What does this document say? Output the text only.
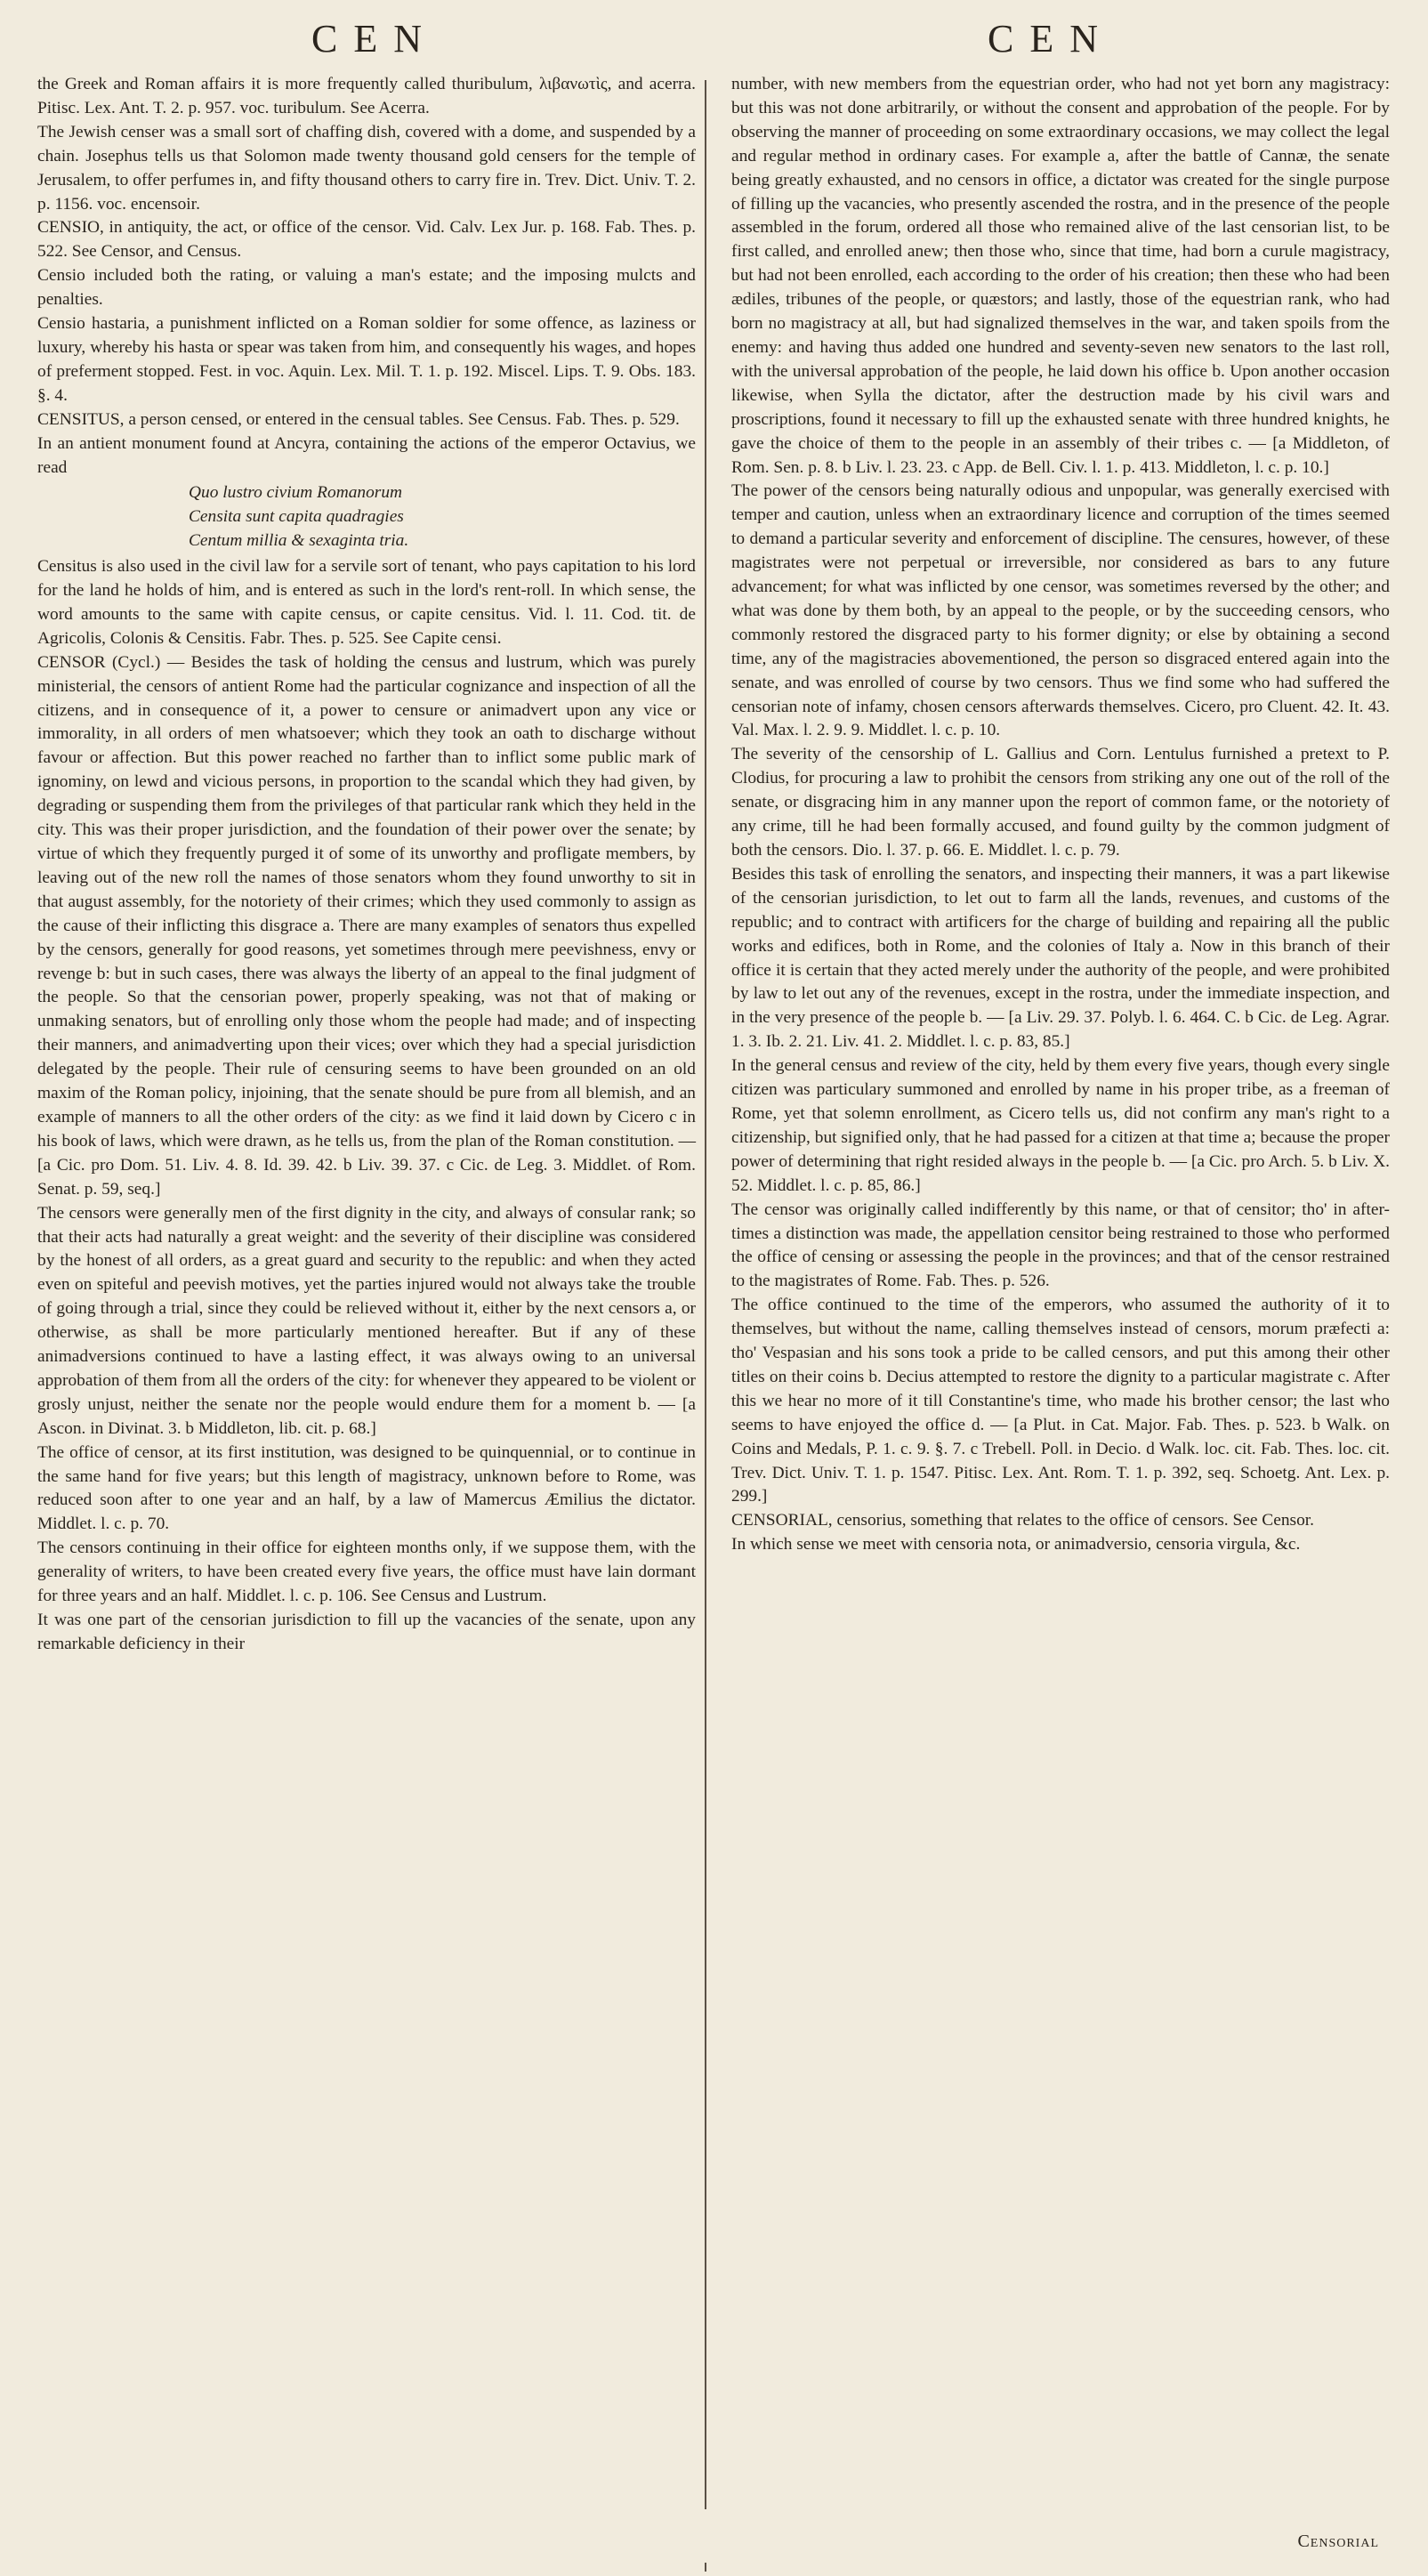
CEN	CEN

the Greek and Roman affairs it is more frequently called thuribulum, λιβανωτὶς, and acerra. Pitisc. Lex. Ant. T. 2. p. 957. voc. turibulum. See Acerra.

The Jewish censer was a small sort of chaffing dish, covered with a dome, and suspended by a chain. Josephus tells us that Solomon made twenty thousand gold censers for the temple of Jerusalem, to offer perfumes in, and fifty thousand others to carry fire in. Trev. Dict. Univ. T. 2. p. 1156. voc. encensoir.

CENSIO, in antiquity, the act, or office of the censor. Vid. Calv. Lex Jur. p. 168. Fab. Thes. p. 522. See Censor, and Census.

Censio included both the rating, or valuing a man's estate; and the imposing mulcts and penalties.

Censio hastaria, a punishment inflicted on a Roman soldier for some offence, as laziness or luxury, whereby his hasta or spear was taken from him, and consequently his wages, and hopes of preferment stopped. Fest. in voc. Aquin. Lex. Mil. T. 1. p. 192. Miscel. Lips. T. 9. Obs. 183. §. 4.

CENSITUS, a person censed, or entered in the censual tables. See Census. Fab. Thes. p. 529.

In an antient monument found at Ancyra, containing the actions of the emperor Octavius, we read

Quo lustro civium Romanorum
Censita sunt capita quadragies
Centum millia & sexaginta tria.

Censitus is also used in the civil law for a servile sort of tenant, who pays capitation to his lord for the land he holds of him, and is entered as such in the lord's rent-roll. In which sense, the word amounts to the same with capite census, or capite censitus. Vid. l. 11. Cod. tit. de Agricolis, Colonis & Censitis. Fabr. Thes. p. 525. See Capite censi.

CENSOR (Cycl.) — Besides the task of holding the census and lustrum, which was purely ministerial, the censors of antient Rome had the particular cognizance and inspection of all the citizens, and in consequence of it, a power to censure or animadvert upon any vice or immorality, in all orders of men whatsoever; which they took an oath to discharge without favour or affection. But this power reached no farther than to inflict some public mark of ignominy, on lewd and vicious persons, in proportion to the scandal which they had given, by degrading or suspending them from the privileges of that particular rank which they held in the city. This was their proper jurisdiction, and the foundation of their power over the senate; by virtue of which they frequently purged it of some of its unworthy and profligate members, by leaving out of the new roll the names of those senators whom they found unworthy to sit in that august assembly, for the notoriety of their crimes; which they used commonly to assign as the cause of their inflicting this disgrace a. There are many examples of senators thus expelled by the censors, generally for good reasons, yet sometimes through mere peevishness, envy or revenge b: but in such cases, there was always the liberty of an appeal to the final judgment of the people. So that the censorian power, properly speaking, was not that of making or unmaking senators, but of enrolling only those whom the people had made; and of inspecting their manners, and animadverting upon their vices; over which they had a special jurisdiction delegated by the people. Their rule of censuring seems to have been grounded on an old maxim of the Roman policy, injoining, that the senate should be pure from all blemish, and an example of manners to all the other orders of the city: as we find it laid down by Cicero c in his book of laws, which were drawn, as he tells us, from the plan of the Roman constitution. — [a Cic. pro Dom. 51. Liv. 4. 8. Id. 39. 42. b Liv. 39. 37. c Cic. de Leg. 3. Middlet. of Rom. Senat. p. 59, seq.]

The censors were generally men of the first dignity in the city, and always of consular rank; so that their acts had naturally a great weight: and the severity of their discipline was considered by the honest of all orders, as a great guard and security to the republic: and when they acted even on spiteful and peevish motives, yet the parties injured would not always take the trouble of going through a trial, since they could be relieved without it, either by the next censors a, or otherwise, as shall be more particularly mentioned hereafter. But if any of these animadversions continued to have a lasting effect, it was always owing to an universal approbation of them from all the orders of the city: for whenever they appeared to be violent or grosly unjust, neither the senate nor the people would endure them for a moment b. — [a Ascon. in Divinat. 3. b Middleton, lib. cit. p. 68.]

The office of censor, at its first institution, was designed to be quinquennial, or to continue in the same hand for five years; but this length of magistracy, unknown before to Rome, was reduced soon after to one year and an half, by a law of Mamercus Æmilius the dictator. Middlet. l. c. p. 70.

The censors continuing in their office for eighteen months only, if we suppose them, with the generality of writers, to have been created every five years, the office must have lain dormant for three years and an half. Middlet. l. c. p. 106. See Census and Lustrum.

It was one part of the censorian jurisdiction to fill up the vacancies of the senate, upon any remarkable deficiency in their

number, with new members from the equestrian order, who had not yet born any magistracy: but this was not done arbitrarily, or without the consent and approbation of the people. For by observing the manner of proceeding on some extraordinary occasions, we may collect the legal and regular method in ordinary cases. For example a, after the battle of Cannæ, the senate being greatly exhausted, and no censors in office, a dictator was created for the single purpose of filling up the vacancies, who presently ascended the rostra, and in the presence of the people assembled in the forum, ordered all those who remained alive of the last censorian list, to be first called, and enrolled anew; then those who, since that time, had born a curule magistracy, but had not been enrolled, each according to the order of his creation; then these who had been ædiles, tribunes of the people, or quæstors; and lastly, those of the equestrian rank, who had born no magistracy at all, but had signalized themselves in the war, and taken spoils from the enemy: and having thus added one hundred and seventy-seven new senators to the last roll, with the universal approbation of the people, he laid down his office b. Upon another occasion likewise, when Sylla the dictator, after the destruction made by his civil wars and proscriptions, found it necessary to fill up the exhausted senate with three hundred knights, he gave the choice of them to the people in an assembly of their tribes c. — [a Middleton, of Rom. Sen. p. 8. b Liv. l. 23. 23. c App. de Bell. Civ. l. 1. p. 413. Middleton, l. c. p. 10.]

The power of the censors being naturally odious and unpopular, was generally exercised with temper and caution, unless when an extraordinary licence and corruption of the times seemed to demand a particular severity and enforcement of discipline. The censures, however, of these magistrates were not perpetual or irreversible, nor considered as bars to any future advancement; for what was inflicted by one censor, was sometimes reversed by the other; and what was done by them both, by an appeal to the people, or by the succeeding censors, who commonly restored the disgraced party to his former dignity; or else by obtaining a second time, any of the magistracies abovementioned, the person so disgraced entered again into the senate, and was enrolled of course by two censors. Thus we find some who had suffered the censorian note of infamy, chosen censors afterwards themselves. Cicero, pro Cluent. 42. It. 43. Val. Max. l. 2. 9. 9. Middlet. l. c. p. 10.

The severity of the censorship of L. Gallius and Corn. Lentulus furnished a pretext to P. Clodius, for procuring a law to prohibit the censors from striking any one out of the roll of the senate, or disgracing him in any manner upon the report of common fame, or the notoriety of any crime, till he had been formally accused, and found guilty by the common judgment of both the censors. Dio. l. 37. p. 66. E. Middlet. l. c. p. 79.

Besides this task of enrolling the senators, and inspecting their manners, it was a part likewise of the censorian jurisdiction, to let out to farm all the lands, revenues, and customs of the republic; and to contract with artificers for the charge of building and repairing all the public works and edifices, both in Rome, and the colonies of Italy a. Now in this branch of their office it is certain that they acted merely under the authority of the people, and were prohibited by law to let out any of the revenues, except in the rostra, under the immediate inspection, and in the very presence of the people b. — [a Liv. 29. 37. Polyb. l. 6. 464. C. b Cic. de Leg. Agrar. 1. 3. Ib. 2. 21. Liv. 41. 2. Middlet. l. c. p. 83, 85.]

In the general census and review of the city, held by them every five years, though every single citizen was particulary summoned and enrolled by name in his proper tribe, as a freeman of Rome, yet that solemn enrollment, as Cicero tells us, did not confirm any man's right to a citizenship, but signified only, that he had passed for a citizen at that time a; because the proper power of determining that right resided always in the people b. — [a Cic. pro Arch. 5. b Liv. X. 52. Middlet. l. c. p. 85, 86.]

The censor was originally called indifferently by this name, or that of censitor; tho' in after-times a distinction was made, the appellation censitor being restrained to those who performed the office of censing or assessing the people in the provinces; and that of the censor restrained to the magistrates of Rome. Fab. Thes. p. 526.

The office continued to the time of the emperors, who assumed the authority of it to themselves, but without the name, calling themselves instead of censors, morum præfecti a: tho' Vespasian and his sons took a pride to be called censors, and put this among their other titles on their coins b. Decius attempted to restore the dignity to a particular magistrate c. After this we hear no more of it till Constantine's time, who made his brother censor; the last who seems to have enjoyed the office d. — [a Plut. in Cat. Major. Fab. Thes. p. 523. b Walk. on Coins and Medals, P. 1. c. 9. §. 7. c Trebell. Poll. in Decio. d Walk. loc. cit. Fab. Thes. loc. cit. Trev. Dict. Univ. T. 1. p. 1547. Pitisc. Lex. Ant. Rom. T. 1. p. 392, seq. Schoetg. Ant. Lex. p. 299.]

CENSORIAL, censorius, something that relates to the office of censors. See Censor.

In which sense we meet with censoria nota, or animadversio, censoria virgula, &c.

Censorial
